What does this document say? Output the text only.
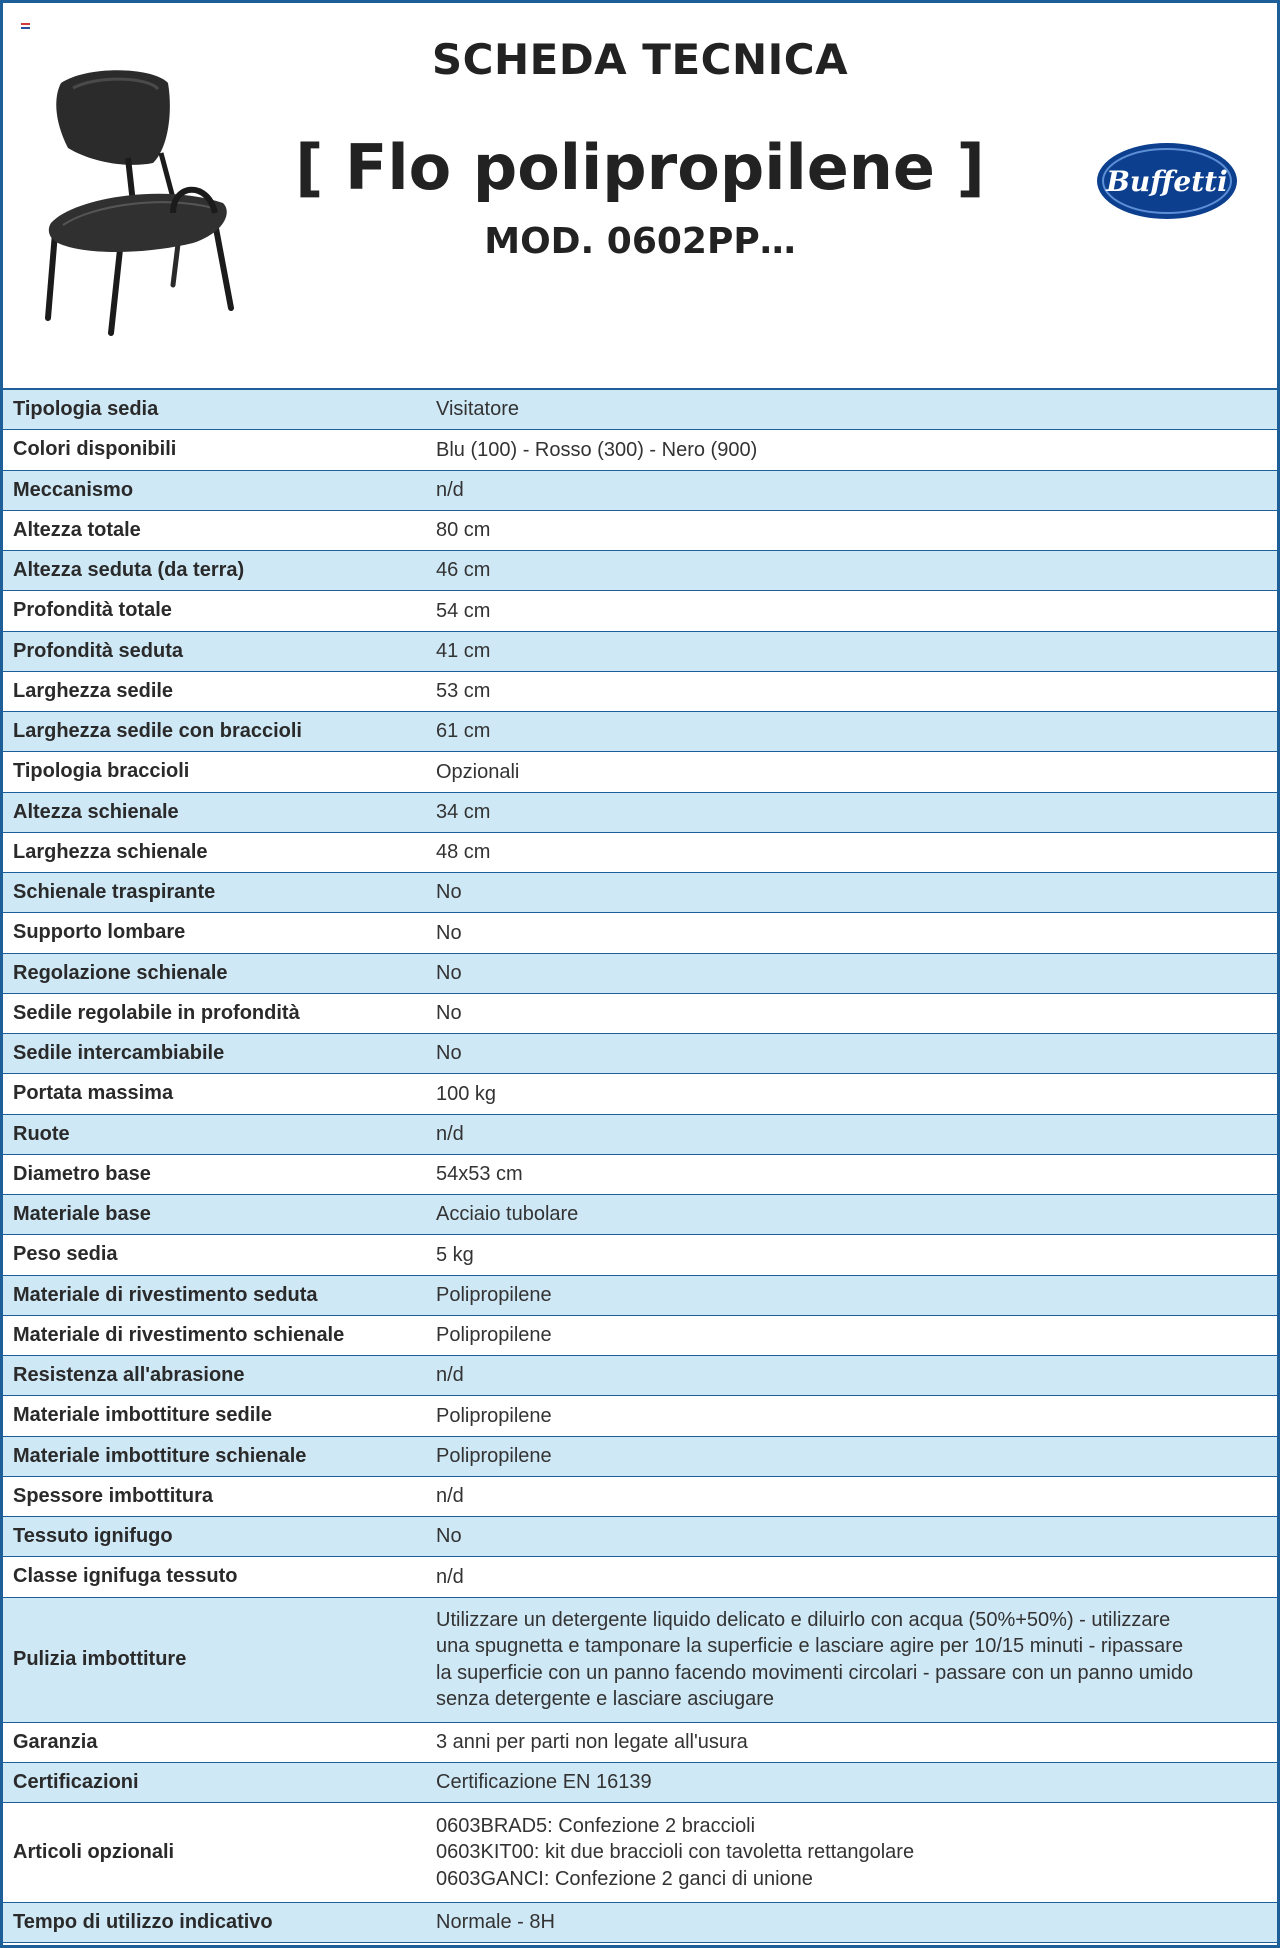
SCHEDA TECNICA
[ Flo polipropilene ]
MOD. 0602PP…
Buffetti
Tipologia sedia	Visitatore
Colori disponibili	Blu (100) - Rosso (300) - Nero (900)
Meccanismo	n/d
Altezza totale	80 cm
Altezza seduta (da terra)	46 cm
Profondità totale	54 cm
Profondità seduta	41 cm
Larghezza sedile	53 cm
Larghezza sedile con braccioli	61 cm
Tipologia braccioli	Opzionali
Altezza schienale	34 cm
Larghezza schienale	48 cm
Schienale traspirante	No
Supporto lombare	No
Regolazione schienale	No
Sedile regolabile in profondità	No
Sedile intercambiabile	No
Portata massima	100 kg
Ruote	n/d
Diametro base	54x53 cm
Materiale base	Acciaio tubolare
Peso sedia	5 kg
Materiale di rivestimento seduta	Polipropilene
Materiale di rivestimento schienale	Polipropilene
Resistenza all'abrasione	n/d
Materiale imbottiture sedile	Polipropilene
Materiale imbottiture schienale	Polipropilene
Spessore imbottitura	n/d
Tessuto ignifugo	No
Classe ignifuga tessuto	n/d
Pulizia imbottiture
Utilizzare un detergente liquido delicato e diluirlo con acqua (50%+50%) - utilizzare
una spugnetta e tamponare la superficie e lasciare agire per 10/15 minuti - ripassare
la superficie con un panno facendo movimenti circolari - passare con un panno umido
senza detergente e lasciare asciugare
Garanzia	3 anni per parti non legate all'usura
Certificazioni	Certificazione EN 16139
Articoli opzionali
0603BRAD5: Confezione 2 braccioli
0603KIT00: kit due braccioli con tavoletta rettangolare
0603GANCI: Confezione 2 ganci di unione
Tempo di utilizzo indicativo	Normale - 8H
